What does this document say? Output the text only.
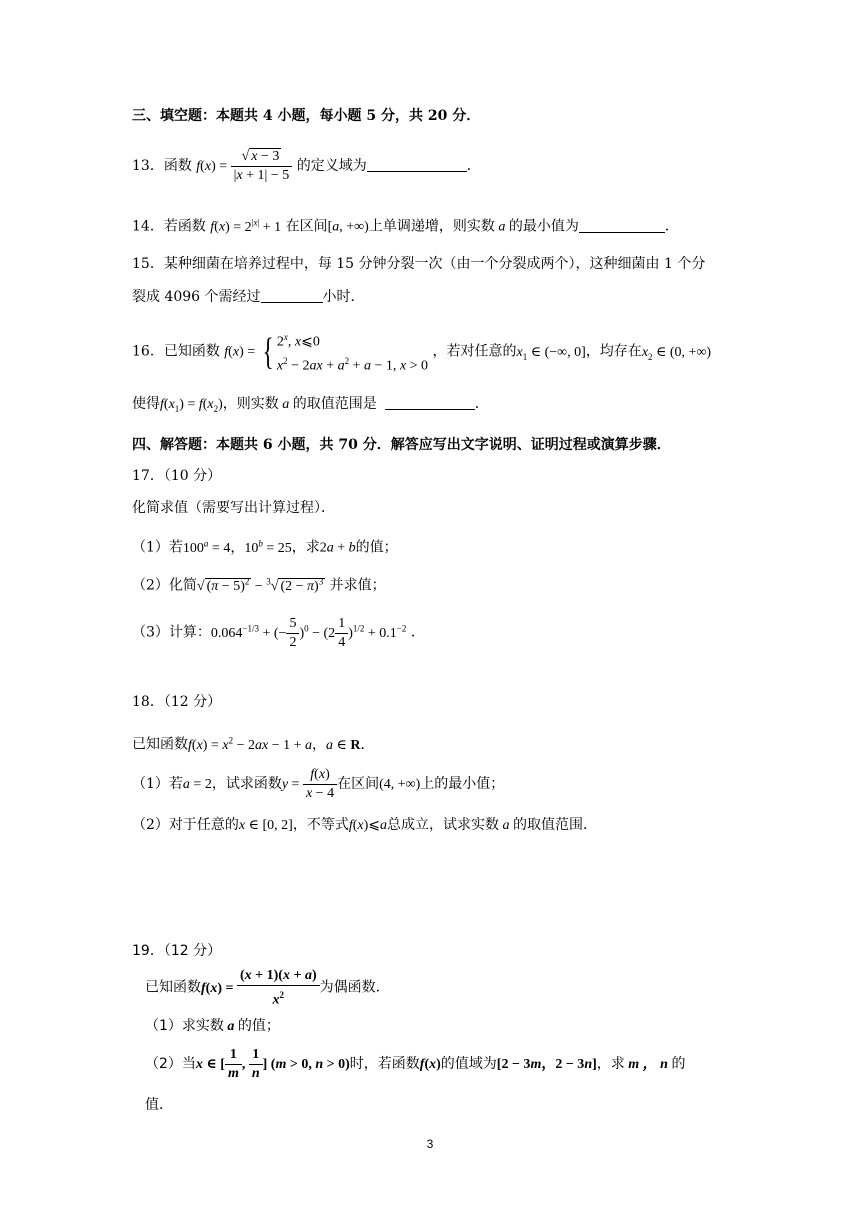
三、填空题：本题共 4 小题，每小题 5 分，共 20 分．
13．函数 $f(x) = \frac{√ x - 3}{|x + 1| - 5}$ 的定义域为	．
14．若函数 $f(x) = 2^{|x|} + 1$ 在区间[a, +∞)上单调递增，则实数 a 的最小值为	．
15．某种细菌在培养过程中，每 15 分钟分裂一次（由一个分裂成两个），这种细菌由 1 个分
裂成 4096 个需经过	小时．
16．已知函数 f(x) = { 2$^x$, x⩽0
$x^2 - 2ax + a^2 + a - 1$, x > 0
，若对任意的$x_1$ ∈ (−∞, 0]，均存在$x_2$ ∈ (0, +∞)
使得$f(x_1) = f(x_2)$，则实数 a 的取值范围是	．
四、解答题：本题共 6 小题，共 70 分．解答应写出文字说明、证明过程或演算步骤．
17．（10 分）
化简求值（需要写出计算过程）．
（1）若$100^a = 4$，$10^b = 25$，求2a + b的值；
（2）化简√ $(\pi - 5)^2 - ^3√$ $(2 - \pi)^3$ 并求值；
（3）计算：$0.064^{-1/3}$ + (− $\frac{5}{2} )^0 - (2 \frac{1}{4} )^{1/2} + 0.1^{-2}$ ．
18．（12 分）
已知函数$f(x) = x^2 - 2ax - 1 + a$，a ∈ R．
（1）若a = 2，试求函数$y = \frac{f(x)}{x - 4}$ 在区间(4, +∞)上的最小值；
（2）对于任意的x ∈ [0, 2]，不等式f(x)⩽a总成立，试求实数 a 的取值范围．
19．（12 分）
已知函数$f(x) = \frac{(x + 1)(x + a)}{x^2}$ 为偶函数．
（1）求实数 a 的值；
（2）当x ∈ [ $\frac{1}{m}$ , $\frac{1}{n}$ ] (m > 0, n > 0)时，若函数f(x)的值域为[2 − 3m，2 − 3n]，求 m ， n 的
值．
3
